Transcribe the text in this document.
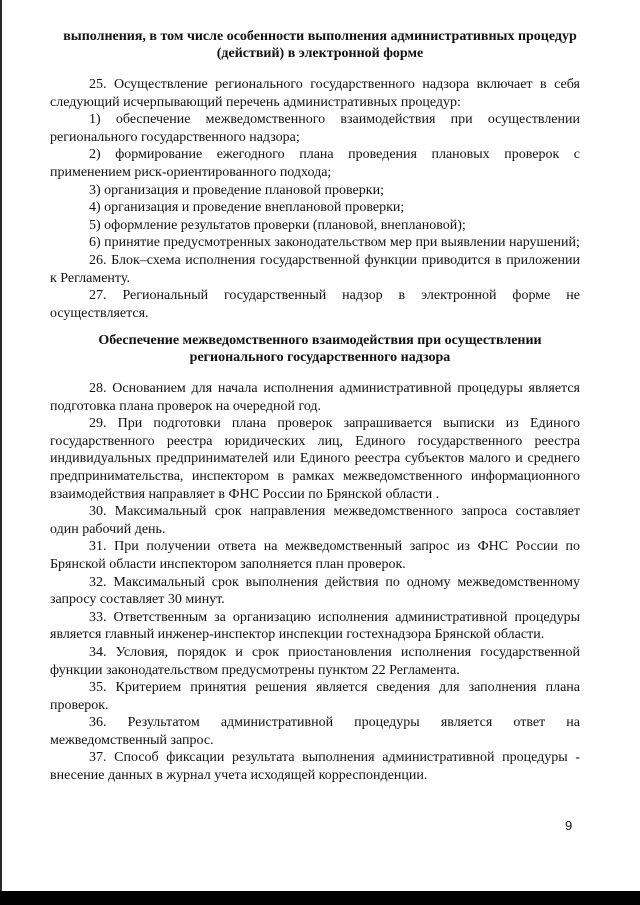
выполнения, в том числе особенности выполнения административных процедур (действий) в электронной форме

25. Осуществление регионального государственного надзора включает в себя следующий исчерпывающий перечень административных процедур:

1) обеспечение межведомственного взаимодействия при осуществлении регионального государственного надзора;

2) формирование ежегодного плана проведения плановых проверок с применением риск-ориентированного подхода;

3) организация и проведение плановой проверки;

4) организация и проведение внеплановой проверки;

5) оформление результатов проверки (плановой, внеплановой);

6) принятие предусмотренных законодательством мер при выявлении нарушений;

26. Блок–схема исполнения государственной функции приводится в приложении к Регламенту.

27. Региональный государственный надзор в электронной форме не осуществляется.

Обеспечение межведомственного взаимодействия при осуществлении регионального государственного надзора

28. Основанием для начала исполнения административной процедуры является подготовка плана проверок на очередной год.

29. При подготовки плана проверок запрашивается выписки из Единого государственного реестра юридических лиц, Единого государственного реестра индивидуальных предпринимателей или Единого реестра субъектов малого и среднего предпринимательства, инспектором в рамках межведомственного информационного взаимодействия направляет в ФНС России по Брянской области .

30. Максимальный срок направления межведомственного запроса составляет один рабочий день.

31. При получении ответа на межведомственный запрос из ФНС России по Брянской области инспектором заполняется план проверок.

32. Максимальный срок выполнения действия по одному межведомственному запросу составляет 30 минут.

33. Ответственным за организацию исполнения административной процедуры является главный инженер-инспектор инспекции гостехнадзора Брянской области.

34. Условия, порядок и срок приостановления исполнения государственной функции законодательством предусмотрены пунктом 22 Регламента.

35. Критерием принятия решения является сведения для заполнения плана проверок.

36. Результатом административной процедуры является ответ на межведомственный запрос.

37. Способ фиксации результата выполнения административной процедуры - внесение данных в журнал учета исходящей корреспонденции.

9
